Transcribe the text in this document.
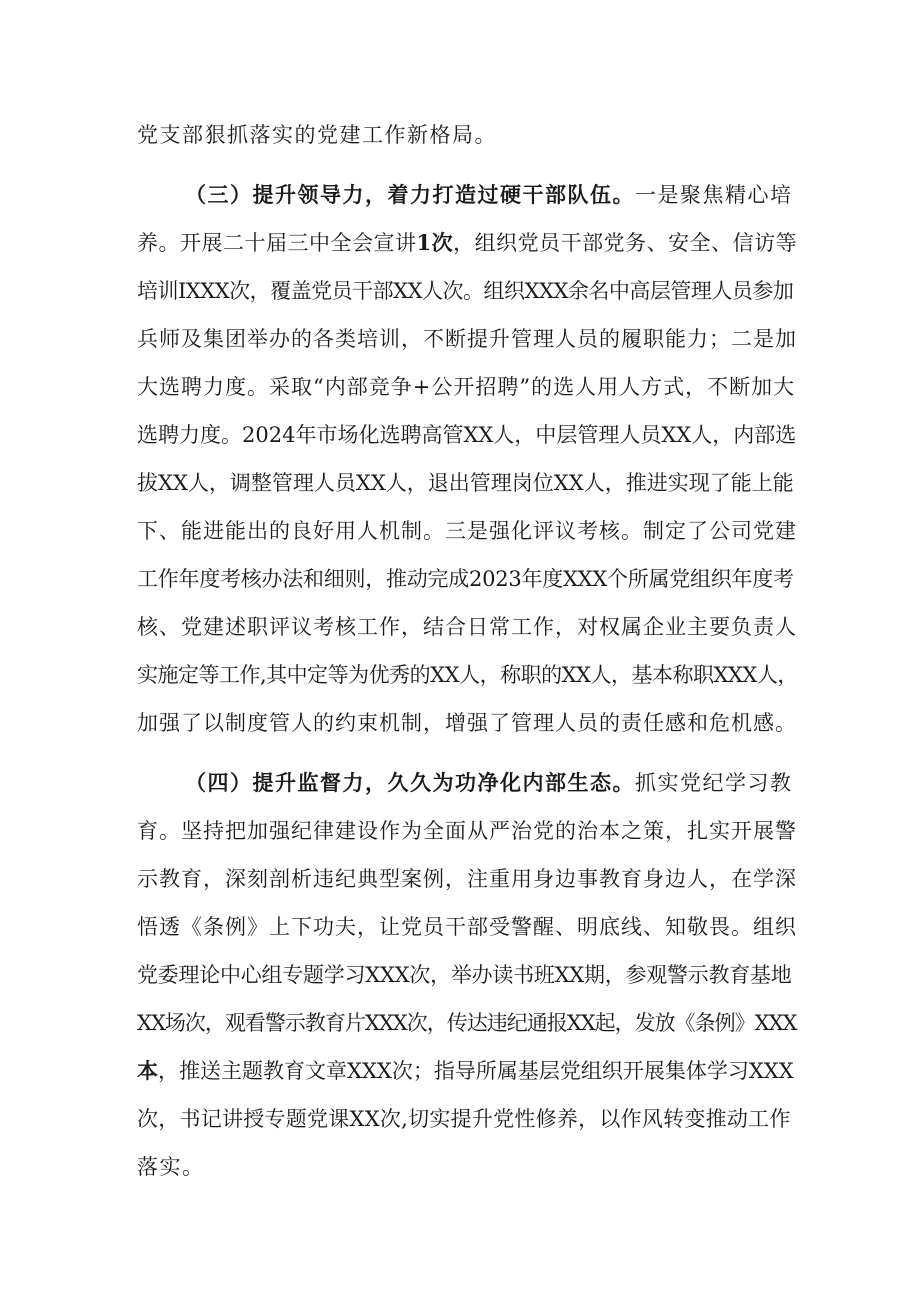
党支部狠抓落实的党建工作新格局。
（三）提升领导力，着力打造过硬干部队伍。一是聚焦精心培
养。开展二十届三中全会宣讲1次，组织党员干部党务、安全、信访等
培训IXXX次，覆盖党员干部XX人次。组织XXX余名中高层管理人员参加
兵师及集团举办的各类培训，不断提升管理人员的履职能力；二是加
大选聘力度。采取“内部竞争+公开招聘”的选人用人方式，不断加大
选聘力度。2024年市场化选聘高管XX人，中层管理人员XX人，内部选
拔XX人，调整管理人员XX人，退出管理岗位XX人，推进实现了能上能
下、能进能出的良好用人机制。三是强化评议考核。制定了公司党建
工作年度考核办法和细则，推动完成2023年度XXX个所属党组织年度考
核、党建述职评议考核工作，结合日常工作，对权属企业主要负责人
实施定等工作,其中定等为优秀的XX人，称职的XX人，基本称职XXX人，
加强了以制度管人的约束机制，增强了管理人员的责任感和危机感。
（四）提升监督力，久久为功净化内部生态。抓实党纪学习教
育。坚持把加强纪律建设作为全面从严治党的治本之策，扎实开展警
示教育，深刻剖析违纪典型案例，注重用身边事教育身边人，在学深
悟透《条例》上下功夫，让党员干部受警醒、明底线、知敬畏。组织
党委理论中心组专题学习XXX次，举办读书班XX期，参观警示教育基地
XX场次，观看警示教育片XXX次，传达违纪通报XX起，发放《条例》XXX
本，推送主题教育文章XXX次；指导所属基层党组织开展集体学习XXX
次，书记讲授专题党课XX次,切实提升党性修养，以作风转变推动工作
落实。
